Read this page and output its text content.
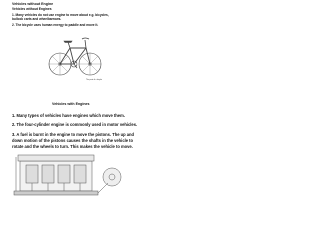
Vehicles without Engine
Vehicles without Engines
1. Many vehicles do not use engine to move about e.g. bicycles,
bullock carts and wheelbarrows.
2. The bicycle uses human energy to paddle and move it.
The parts of a bicycle
Vehicles with Engines
1. Many types of vehicles have engines which move them.
2. The four-cylinder engine is commonly used in motor vehicles.
3. A fuel is burnt in the engine to move the pistons. The up and
down motion of the pistons causes the shafts in the vehicle to
rotate and the wheels to turn. This makes the vehicle to move.
